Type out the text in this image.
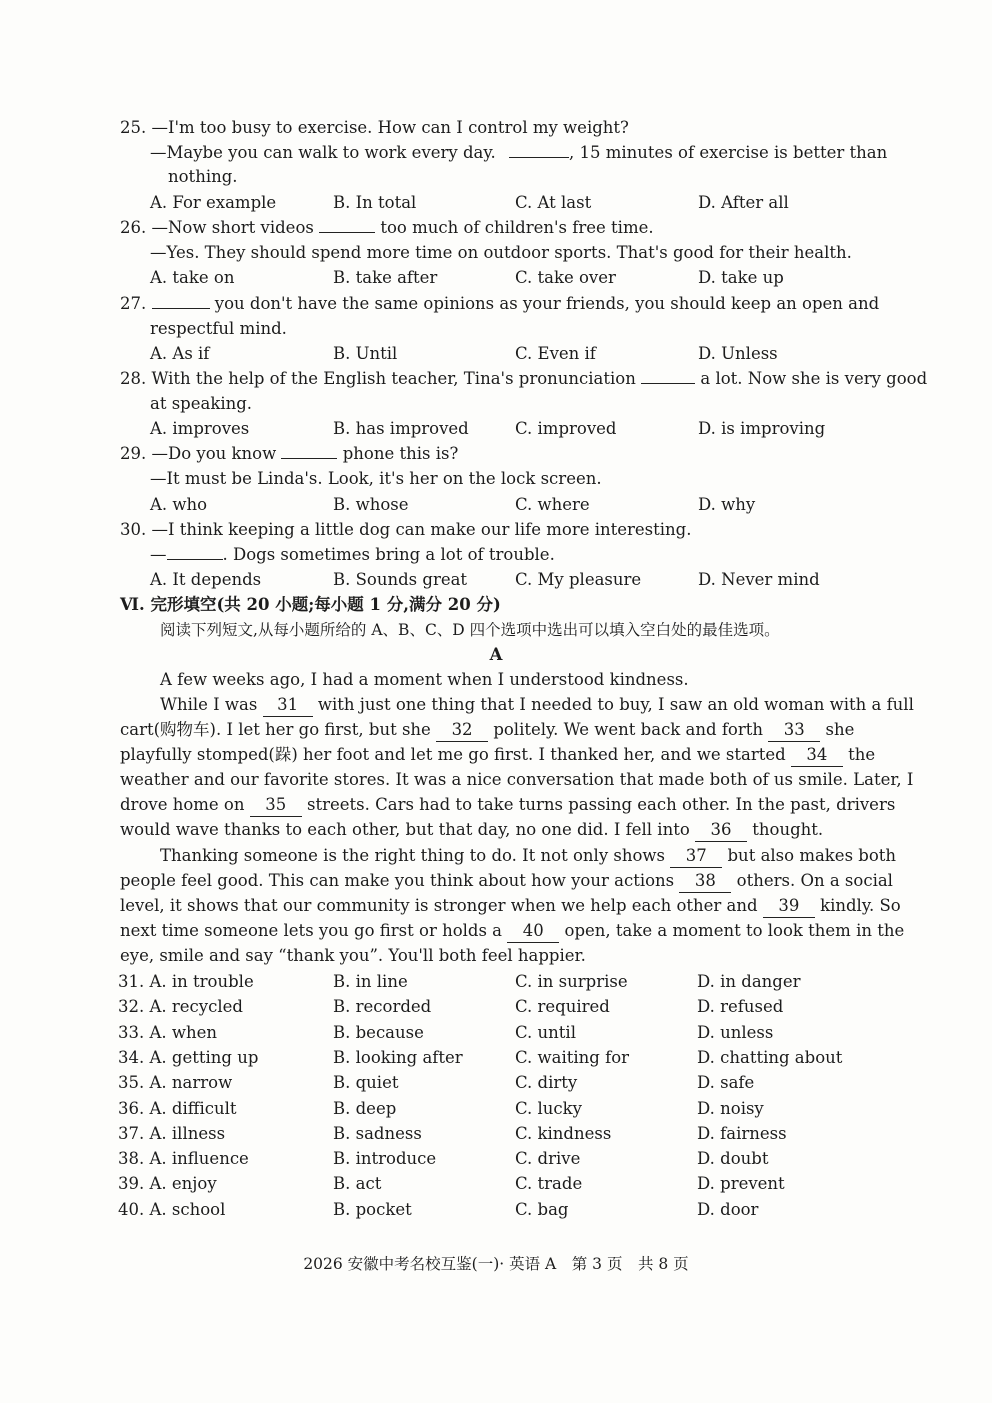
25. —I'm too busy to exercise. How can I control my weight?
—Maybe you can walk to work every day.	, 15 minutes of exercise is better than
nothing.
A. For example	B. In total	C. At last	D. After all
26. —Now short videos	too much of children's free time.
—Yes. They should spend more time on outdoor sports. That's good for their health.
A. take on	B. take after	C. take over	D. take up
27.	you don't have the same opinions as your friends, you should keep an open and
respectful mind.
A. As if	B. Until	C. Even if	D. Unless
28. With the help of the English teacher, Tina's pronunciation	a lot. Now she is very good
at speaking.
A. improves	B. has improved	C. improved	D. is improving
29. —Do you know	phone this is?
—It must be Linda's. Look, it's her on the lock screen.
A. who	B. whose	C. where	D. why
30. —I think keeping a little dog can make our life more interesting.
—	. Dogs sometimes bring a lot of trouble.
A. It depends	B. Sounds great	C. My pleasure	D. Never mind
Ⅵ. 完形填空(共 20 小题;每小题 1 分,满分 20 分)
阅读下列短文,从每小题所给的 A、B、C、D 四个选项中选出可以填入空白处的最佳选项。
A
A few weeks ago, I had a moment when I understood kindness.
While I was 31 with just one thing that I needed to buy, I saw an old woman with a full
cart(购物车). I let her go first, but she 32 politely. We went back and forth 33 she
playfully stomped(跺) her foot and let me go first. I thanked her, and we started 34 the
weather and our favorite stores. It was a nice conversation that made both of us smile. Later, I
drove home on 35 streets. Cars had to take turns passing each other. In the past, drivers
would wave thanks to each other, but that day, no one did. I fell into 36 thought.
Thanking someone is the right thing to do. It not only shows 37 but also makes both
people feel good. This can make you think about how your actions 38 others. On a social
level, it shows that our community is stronger when we help each other and 39 kindly. So
next time someone lets you go first or holds a 40 open, take a moment to look them in the
eye, smile and say “thank you”. You'll both feel happier.
31. A. in trouble	B. in line	C. in surprise	D. in danger
32. A. recycled	B. recorded	C. required	D. refused
33. A. when	B. because	C. until	D. unless
34. A. getting up	B. looking after	C. waiting for	D. chatting about
35. A. narrow	B. quiet	C. dirty	D. safe
36. A. difficult	B. deep	C. lucky	D. noisy
37. A. illness	B. sadness	C. kindness	D. fairness
38. A. influence	B. introduce	C. drive	D. doubt
39. A. enjoy	B. act	C. trade	D. prevent
40. A. school	B. pocket	C. bag	D. door
2026 安徽中考名校互鉴(一)· 英语 A　第 3 页　共 8 页
